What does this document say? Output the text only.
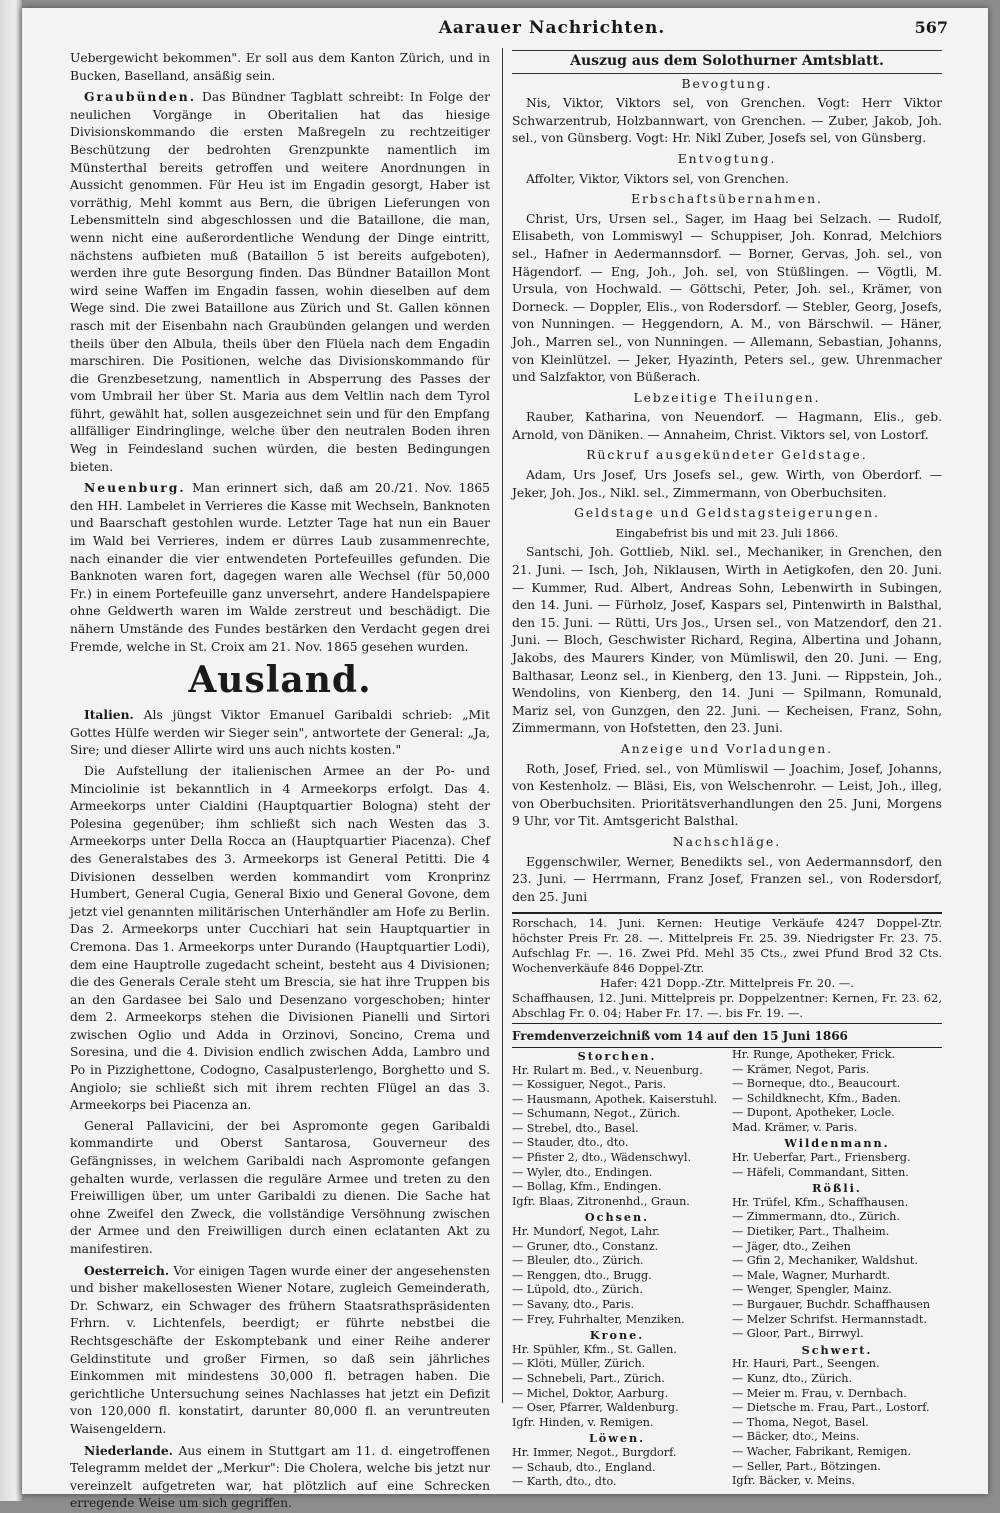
Aarauer Nachrichten.	567

Uebergewicht bekommen". Er soll aus dem Kanton Zürich, und in Bucken, Baselland, ansäßig sein.

Graubünden. Das Bündner Tagblatt schreibt: In Folge der neulichen Vorgänge in Oberitalien hat das hiesige Divisionskommando die ersten Maßregeln zu rechtzeitiger Beschützung der bedrohten Grenzpunkte namentlich im Münsterthal bereits getroffen und weitere Anordnungen in Aussicht genommen. Für Heu ist im Engadin gesorgt, Haber ist vorräthig, Mehl kommt aus Bern, die übrigen Lieferungen von Lebensmitteln sind abgeschlossen und die Bataillone, die man, wenn nicht eine außerordentliche Wendung der Dinge eintritt, nächstens aufbieten muß (Bataillon 5 ist bereits aufgeboten), werden ihre gute Besorgung finden. Das Bündner Bataillon Mont wird seine Waffen im Engadin fassen, wohin dieselben auf dem Wege sind. Die zwei Bataillone aus Zürich und St. Gallen können rasch mit der Eisenbahn nach Graubünden gelangen und werden theils über den Albula, theils über den Flüela nach dem Engadin marschiren. Die Positionen, welche das Divisionskommando für die Grenzbesetzung, namentlich in Absperrung des Passes der vom Umbrail her über St. Maria aus dem Veltlin nach dem Tyrol führt, gewählt hat, sollen ausgezeichnet sein und für den Empfang allfälliger Eindringlinge, welche über den neutralen Boden ihren Weg in Feindesland suchen würden, die besten Bedingungen bieten.

Neuenburg. Man erinnert sich, daß am 20./21. Nov. 1865 den HH. Lambelet in Verrieres die Kasse mit Wechseln, Banknoten und Baarschaft gestohlen wurde. Letzter Tage hat nun ein Bauer im Wald bei Verrieres, indem er dürres Laub zusammenrechte, nach einander die vier entwendeten Portefeuilles gefunden. Die Banknoten waren fort, dagegen waren alle Wechsel (für 50,000 Fr.) in einem Portefeuille ganz unversehrt, andere Handelspapiere ohne Geldwerth waren im Walde zerstreut und beschädigt. Die nähern Umstände des Fundes bestärken den Verdacht gegen drei Fremde, welche in St. Croix am 21. Nov. 1865 gesehen wurden.

Ausland.

Italien. Als jüngst Viktor Emanuel Garibaldi schrieb: „Mit Gottes Hülfe werden wir Sieger sein", antwortete der General: „Ja, Sire; und dieser Allirte wird uns auch nichts kosten."

Die Aufstellung der italienischen Armee an der Po- und Minciolinie ist bekanntlich in 4 Armeekorps erfolgt. Das 4. Armeekorps unter Cialdini (Hauptquartier Bologna) steht der Polesina gegenüber; ihm schließt sich nach Westen das 3. Armeekorps unter Della Rocca an (Hauptquartier Piacenza). Chef des Generalstabes des 3. Armeekorps ist General Petitti. Die 4 Divisionen desselben werden kommandirt vom Kronprinz Humbert, General Cugia, General Bixio und General Govone, dem jetzt viel genannten militärischen Unterhändler am Hofe zu Berlin. Das 2. Armeekorps unter Cucchiari hat sein Hauptquartier in Cremona. Das 1. Armeekorps unter Durando (Hauptquartier Lodi), dem eine Hauptrolle zugedacht scheint, besteht aus 4 Divisionen; die des Generals Cerale steht um Brescia, sie hat ihre Truppen bis an den Gardasee bei Salo und Desenzano vorgeschoben; hinter dem 2. Armeekorps stehen die Divisionen Pianelli und Sirtori zwischen Oglio und Adda in Orzinovi, Soncino, Crema und Soresina, und die 4. Division endlich zwischen Adda, Lambro und Po in Pizzighettone, Codogno, Casalpusterlengo, Borghetto und S. Angiolo; sie schließt sich mit ihrem rechten Flügel an das 3. Armeekorps bei Piacenza an.

General Pallavicini, der bei Aspromonte gegen Garibaldi kommandirte und Oberst Santarosa, Gouverneur des Gefängnisses, in welchem Garibaldi nach Aspromonte gefangen gehalten wurde, verlassen die reguläre Armee und treten zu den Freiwilligen über, um unter Garibaldi zu dienen. Die Sache hat ohne Zweifel den Zweck, die vollständige Versöhnung zwischen der Armee und den Freiwilligen durch einen eclatanten Akt zu manifestiren.

Oesterreich. Vor einigen Tagen wurde einer der angesehensten und bisher makellosesten Wiener Notare, zugleich Gemeinderath, Dr. Schwarz, ein Schwager des frühern Staatsrathspräsidenten Frhrn. v. Lichtenfels, beerdigt; er führte nebstbei die Rechtsgeschäfte der Eskomptebank und einer Reihe anderer Geldinstitute und großer Firmen, so daß sein jährliches Einkommen mit mindestens 30,000 fl. betragen haben. Die gerichtliche Untersuchung seines Nachlasses hat jetzt ein Defizit von 120,000 fl. konstatirt, darunter 80,000 fl. an veruntreuten Waisengeldern.

Niederlande. Aus einem in Stuttgart am 11. d. eingetroffenen Telegramm meldet der „Merkur": Die Cholera, welche bis jetzt nur vereinzelt aufgetreten war, hat plötzlich auf eine Schrecken erregende Weise um sich gegriffen.

Auszug aus dem Solothurner Amtsblatt.
Bevogtung.

Nis, Viktor, Viktors sel, von Grenchen. Vogt: Herr Viktor Schwarzentrub, Holzbannwart, von Grenchen. — Zuber, Jakob, Joh. sel., von Günsberg. Vogt: Hr. Nikl Zuber, Josefs sel, von Günsberg.

Entvogtung.

Affolter, Viktor, Viktors sel, von Grenchen.

Erbschaftsübernahmen.

Christ, Urs, Ursen sel., Sager, im Haag bei Selzach. — Rudolf, Elisabeth, von Lommiswyl — Schuppiser, Joh. Konrad, Melchiors sel., Hafner in Aedermannsdorf. — Borner, Gervas, Joh. sel., von Hägendorf. — Eng, Joh., Joh. sel, von Stüßlingen. — Vögtli, M. Ursula, von Hochwald. — Göttschi, Peter, Joh. sel., Krämer, von Dorneck. — Doppler, Elis., von Rodersdorf. — Stebler, Georg, Josefs, von Nunningen. — Heggendorn, A. M., von Bärschwil. — Häner, Joh., Marren sel., von Nunningen. — Allemann, Sebastian, Johanns, von Kleinlützel. — Jeker, Hyazinth, Peters sel., gew. Uhrenmacher und Salzfaktor, von Büßerach.

Lebzeitige Theilungen.

Rauber, Katharina, von Neuendorf. — Hagmann, Elis., geb. Arnold, von Däniken. — Annaheim, Christ. Viktors sel, von Lostorf.

Rückruf ausgekündeter Geldstage.

Adam, Urs Josef, Urs Josefs sel., gew. Wirth, von Oberdorf. — Jeker, Joh. Jos., Nikl. sel., Zimmermann, von Oberbuchsiten.

Geldstage und Geldstagsteigerungen.
Eingabefrist bis und mit 23. Juli 1866.

Santschi, Joh. Gottlieb, Nikl. sel., Mechaniker, in Grenchen, den 21. Juni. — Isch, Joh, Niklausen, Wirth in Aetigkofen, den 20. Juni. — Kummer, Rud. Albert, Andreas Sohn, Lebenwirth in Subingen, den 14. Juni. — Fürholz, Josef, Kaspars sel, Pintenwirth in Balsthal, den 15. Juni. — Rütti, Urs Jos., Ursen sel., von Matzendorf, den 21. Juni. — Bloch, Geschwister Richard, Regina, Albertina und Johann, Jakobs, des Maurers Kinder, von Mümliswil, den 20. Juni. — Eng, Balthasar, Leonz sel., in Kienberg, den 13. Juni. — Rippstein, Joh., Wendolins, von Kienberg, den 14. Juni — Spilmann, Romunald, Mariz sel, von Gunzgen, den 22. Juni. — Kecheisen, Franz, Sohn, Zimmermann, von Hofstetten, den 23. Juni.

Anzeige und Vorladungen.

Roth, Josef, Fried. sel., von Mümliswil — Joachim, Josef, Johanns, von Kestenholz. — Bläsi, Eis, von Welschenrohr. — Leist, Joh., illeg, von Oberbuchsiten. Prioritätsverhandlungen den 25. Juni, Morgens 9 Uhr, vor Tit. Amtsgericht Balsthal.

Nachschläge.

Eggenschwiler, Werner, Benedikts sel., von Aedermannsdorf, den 23. Juni. — Herrmann, Franz Josef, Franzen sel., von Rodersdorf, den 25. Juni

Rorschach, 14. Juni. Kernen: Heutige Verkäufe 4247 Doppel-Ztr. höchster Preis Fr. 28. —. Mittelpreis Fr. 25. 39. Niedrigster Fr. 23. 75. Aufschlag Fr. —. 16. Zwei Pfd. Mehl 35 Cts., zwei Pfund Brod 32 Cts. Wochenverkäufe 846 Doppel-Ztr.

Hafer: 421 Dopp.-Ztr. Mittelpreis Fr. 20. —.

Schaffhausen, 12. Juni. Mittelpreis pr. Doppelzentner: Kernen, Fr. 23. 62, Abschlag Fr. 0. 04; Haber Fr. 17. —. bis Fr. 19. —.

Fremdenverzeichniß vom 14 auf den 15 Juni 1866
Storchen.
Hr. Rulart m. Bed., v. Neuenburg.
— Kossiguer, Negot., Paris.
— Hausmann, Apothek. Kaiserstuhl.
— Schumann, Negot., Zürich.
— Strebel, dto., Basel.
— Stauder, dto., dto.
— Pfister 2, dto., Wädenschwyl.
— Wyler, dto., Endingen.
— Bollag, Kfm., Endingen.
Igfr. Blaas, Zitronenhd., Graun.
Ochsen.
Hr. Mundorf, Negot, Lahr.
— Gruner, dto., Constanz.
— Bleuler, dto., Zürich.
— Renggen, dto., Brugg.
— Lüpold, dto., Zürich.
— Savany, dto., Paris.
— Frey, Fuhrhalter, Menziken.
Krone.
Hr. Spühler, Kfm., St. Gallen.
— Klöti, Müller, Zürich.
— Schnebeli, Part., Zürich.
— Michel, Doktor, Aarburg.
— Oser, Pfarrer, Waldenburg.
Igfr. Hinden, v. Remigen.
Löwen.
Hr. Immer, Negot., Burgdorf.
— Schaub, dto., England.
— Karth, dto., dto.
Hr. Runge, Apotheker, Frick.
— Krämer, Negot, Paris.
— Borneque, dto., Beaucourt.
— Schildknecht, Kfm., Baden.
— Dupont, Apotheker, Locle.
Mad. Krämer, v. Paris.
Wildenmann.
Hr. Ueberfar, Part., Friensberg.
— Häfeli, Commandant, Sitten.
Rößli.
Hr. Trüfel, Kfm., Schaffhausen.
— Zimmermann, dto., Zürich.
— Dietiker, Part., Thalheim.
— Jäger, dto., Zeihen
— Gfin 2, Mechaniker, Waldshut.
— Male, Wagner, Murhardt.
— Wenger, Spengler, Mainz.
— Burgauer, Buchdr. Schaffhausen
— Melzer Schrifst. Hermannstadt.
— Gloor, Part., Birrwyl.
Schwert.
Hr. Hauri, Part., Seengen.
— Kunz, dto., Zürich.
— Meier m. Frau, v. Dernbach.
— Dietsche m. Frau, Part., Lostorf.
— Thoma, Negot, Basel.
— Bäcker, dto., Meins.
— Wacher, Fabrikant, Remigen.
— Seller, Part., Bötzingen.
Igfr. Bäcker, v. Meins.
